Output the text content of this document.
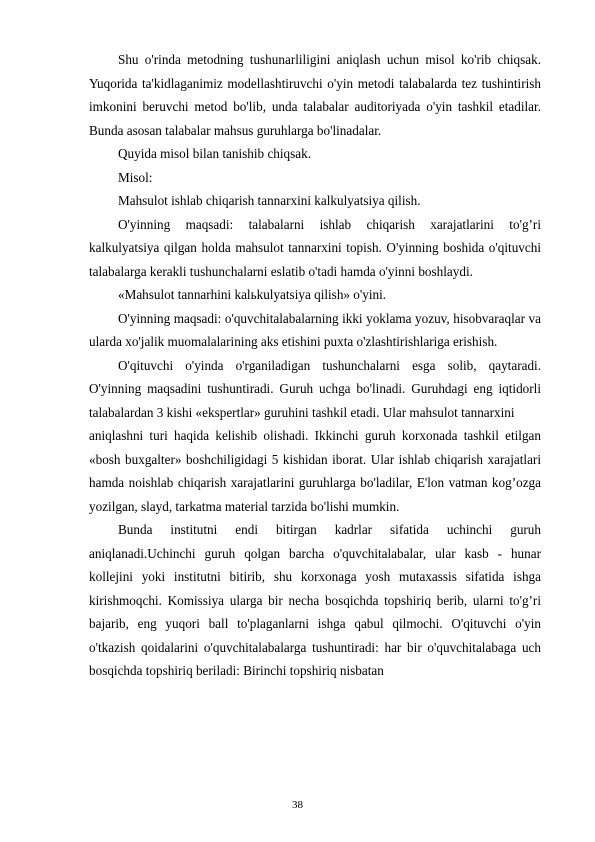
Shu o'rinda metodning tushunarliligini aniqlash uchun misol ko'rib chiqsak. Yuqorida ta'kidlaganimiz modellashtiruvchi o'yin metodi talabalarda tez tushintirish imkonini beruvchi metod bo'lib, unda talabalar auditoriyada o'yin tashkil etadilar. Bunda asosan talabalar mahsus guruhlarga bo'linadalar.

Quyida misol bilan tanishib chiqsak.

Misol:

Mahsulot ishlab chiqarish tannarxini kalkulyatsiya qilish.

O'yinning maqsadi: talabalarni ishlab chiqarish xarajatlarini to'g’ri kalkulyatsiya qilgan holda mahsulot tannarxini topish. O'yinning boshida o'qituvchi talabalarga kerakli tushunchalarni eslatib o'tadi hamda o'yinni boshlaydi.

«Mahsulot tannarhini kalьkulyatsiya qilish» o'yini.

O'yinning maqsadi: o'quvchitalabalarning ikki yoklama yozuv, hisobvaraqlar va ularda xo'jalik muomalalarining aks etishini puxta o'zlashtirishlariga erishish.

O'qituvchi o'yinda o'rganiladigan tushunchalarni esga solib, qaytaradi. O'yinning maqsadini tushuntiradi. Guruh uchga bo'linadi. Guruhdagi eng iqtidorli talabalardan 3 kishi «ekspertlar» guruhini tashkil etadi. Ular mahsulot tannarxini

aniqlashni turi haqida kelishib olishadi. Ikkinchi guruh korxonada tashkil etilgan «bosh buxgalter» boshchiligidagi 5 kishidan iborat. Ular ishlab chiqarish xarajatlari hamda noishlab chiqarish xarajatlarini guruhlarga bo'ladilar, E'lon vatman kog’ozga yozilgan, slayd, tarkatma material tarzida bo'lishi mumkin.

Bunda institutni endi bitirgan kadrlar sifatida uchinchi guruh aniqlanadi.Uchinchi guruh qolgan barcha o'quvchitalabalar, ular kasb - hunar kollejini yoki institutni bitirib, shu korxonaga yosh mutaxassis sifatida ishga kirishmoqchi. Komissiya ularga bir necha bosqichda topshiriq berib, ularni to'g’ri bajarib, eng yuqori ball to'plaganlarni ishga qabul qilmochi. O'qituvchi o'yin o'tkazish qoidalarini o'quvchitalabalarga tushuntiradi: har bir o'quvchitalabaga uch bosqichda topshiriq beriladi: Birinchi topshiriq nisbatan

38
